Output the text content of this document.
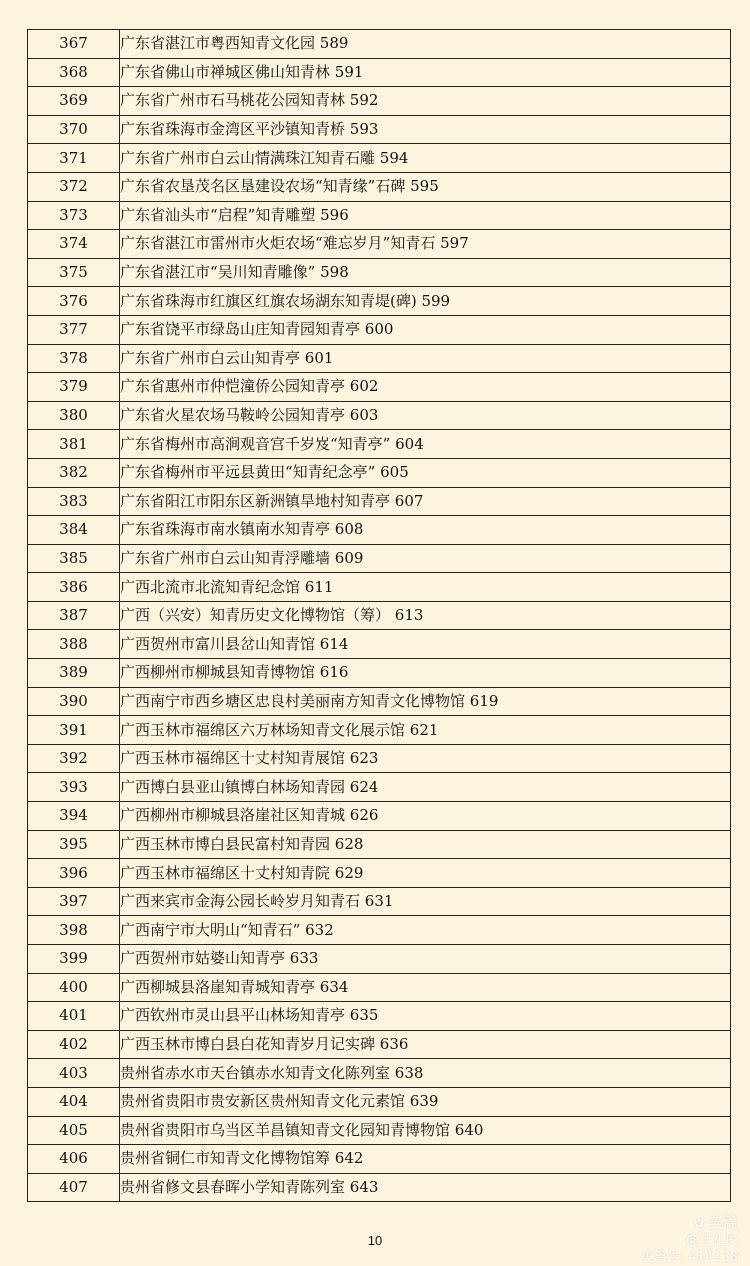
367	广东省湛江市粤西知青文化园 589
368	广东省佛山市禅城区佛山知青林 591
369	广东省广州市石马桃花公园知青林 592
370	广东省珠海市金湾区平沙镇知青桥 593
371	广东省广州市白云山情满珠江知青石雕 594
372	广东省农垦茂名区垦建设农场“知青缘”石碑 595
373	广东省汕头市“启程”知青雕塑 596
374	广东省湛江市雷州市火炬农场“难忘岁月”知青石 597
375	广东省湛江市“吴川知青雕像” 598
376	广东省珠海市红旗区红旗农场湖东知青堤(碑) 599
377	广东省饶平市绿岛山庄知青园知青亭 600
378	广东省广州市白云山知青亭 601
379	广东省惠州市仲恺潼侨公园知青亭 602
380	广东省火星农场马鞍岭公园知青亭 603
381	广东省梅州市高涧观音宫千岁岌“知青亭” 604
382	广东省梅州市平远县黄田“知青纪念亭” 605
383	广东省阳江市阳东区新洲镇旱地村知青亭 607
384	广东省珠海市南水镇南水知青亭 608
385	广东省广州市白云山知青浮雕墙 609
386	广西北流市北流知青纪念馆 611
387	广西（兴安）知青历史文化博物馆（筹） 613
388	广西贺州市富川县岔山知青馆 614
389	广西柳州市柳城县知青博物馆 616
390	广西南宁市西乡塘区忠良村美丽南方知青文化博物馆 619
391	广西玉林市福绵区六万林场知青文化展示馆 621
392	广西玉林市福绵区十丈村知青展馆 623
393	广西博白县亚山镇博白林场知青园 624
394	广西柳州市柳城县洛崖社区知青城 626
395	广西玉林市博白县民富村知青园 628
396	广西玉林市福绵区十丈村知青院 629
397	广西来宾市金海公园长岭岁月知青石 631
398	广西南宁市大明山“知青石” 632
399	广西贺州市姑婆山知青亭 633
400	广西柳城县洛崖知青城知青亭 634
401	广西钦州市灵山县平山林场知青亭 635
402	广西玉林市博白县白花知青岁月记实碑 636
403	贵州省赤水市天台镇赤水知青文化陈列室 638
404	贵州省贵阳市贵安新区贵州知青文化元素馆 639
405	贵州省贵阳市乌当区羊昌镇知青文化园知青博物馆 640
406	贵州省铜仁市知青文化博物馆筹 642
407	贵州省修文县春晖小学知青陈列室 643
10
✿ 美篇
@王礼民
美篇号: 414138
